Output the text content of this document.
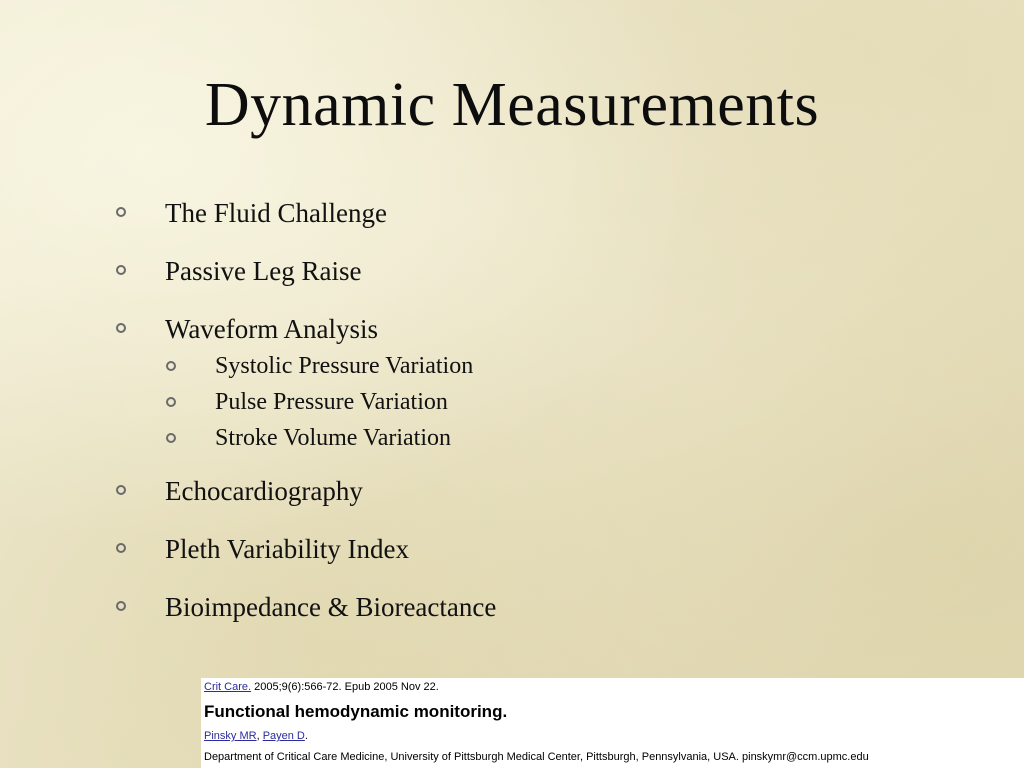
Dynamic Measurements
The Fluid Challenge
Passive Leg Raise
Waveform Analysis
Systolic Pressure Variation
Pulse Pressure Variation
Stroke Volume Variation
Echocardiography
Pleth Variability Index
Bioimpedance & Bioreactance
Crit Care. 2005;9(6):566-72. Epub 2005 Nov 22.
Functional hemodynamic monitoring.
Pinsky MR, Payen D.
Department of Critical Care Medicine, University of Pittsburgh Medical Center, Pittsburgh, Pennsylvania, USA. pinskymr@ccm.upmc.edu
